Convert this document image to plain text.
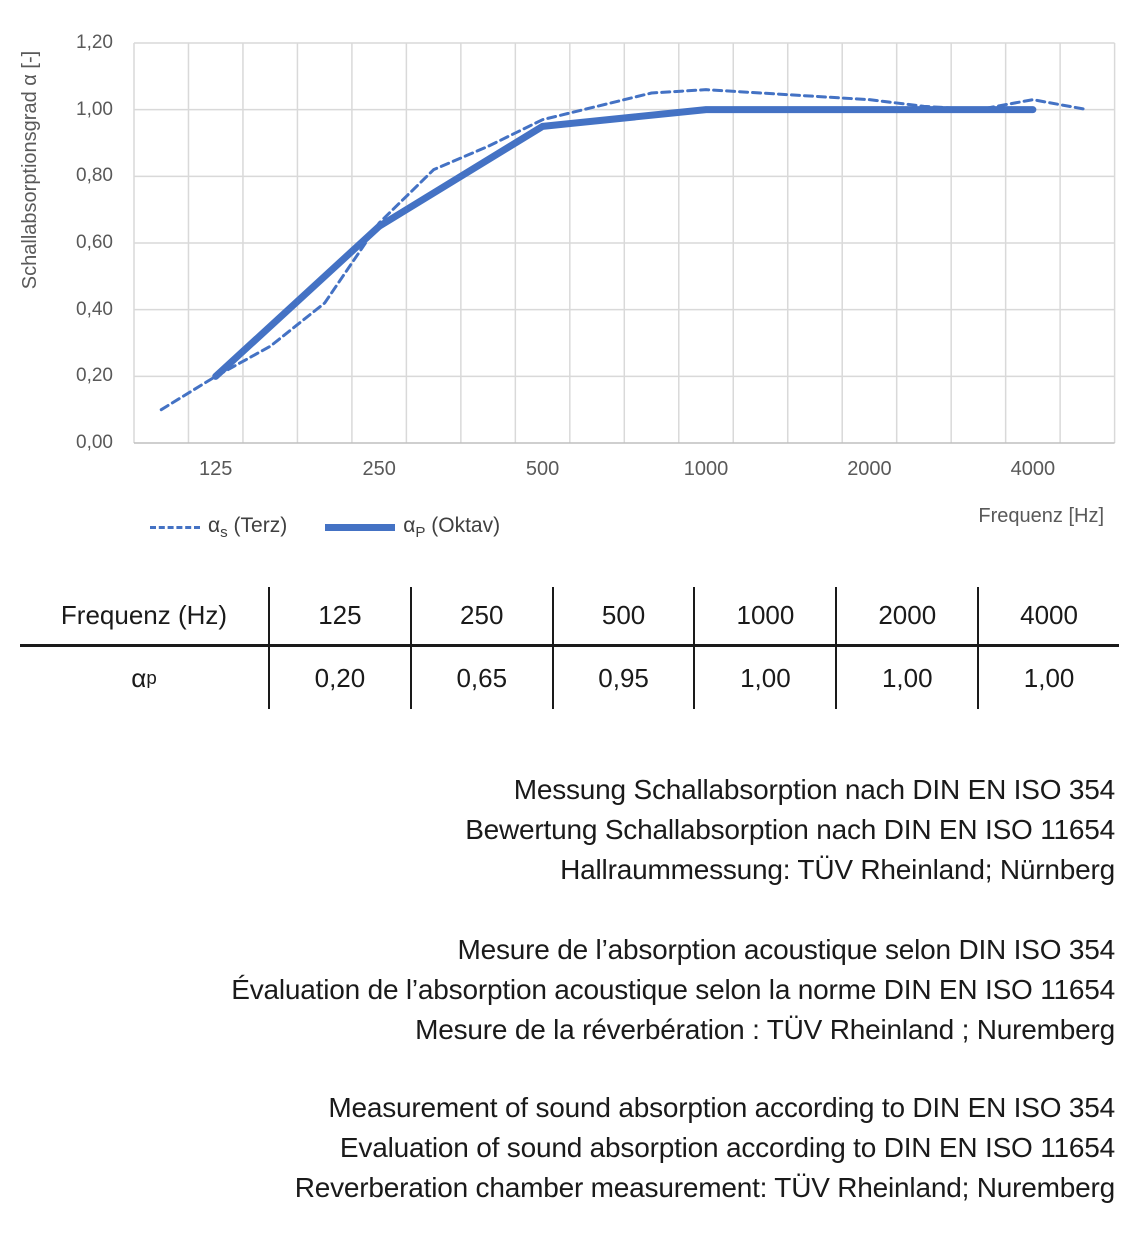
Schallabsorptionsgrad α [-]
0,00
0,20
0,40
0,60
0,80
1,00
1,20
125	250	500	1000	2000	4000
Frequenz [Hz]
$\alpha_s$ (Terz)	$\alpha_P$ (Oktav)
Frequenz (Hz)	125	250	500	1000	2000	4000
α p	0,20	0,65	0,95	1,00	1,00	1,00
Messung Schallabsorption nach DIN EN ISO 354
Bewertung Schallabsorption nach DIN EN ISO 11654
Hallraummessung: TÜV Rheinland; Nürnberg
Mesure de l’absorption acoustique selon DIN ISO 354
Évaluation de l’absorption acoustique selon la norme DIN EN ISO 11654
Mesure de la réverbération : TÜV Rheinland ; Nuremberg
Measurement of sound absorption according to DIN EN ISO 354
Evaluation of sound absorption according to DIN EN ISO 11654
Reverberation chamber measurement: TÜV Rheinland; Nuremberg
